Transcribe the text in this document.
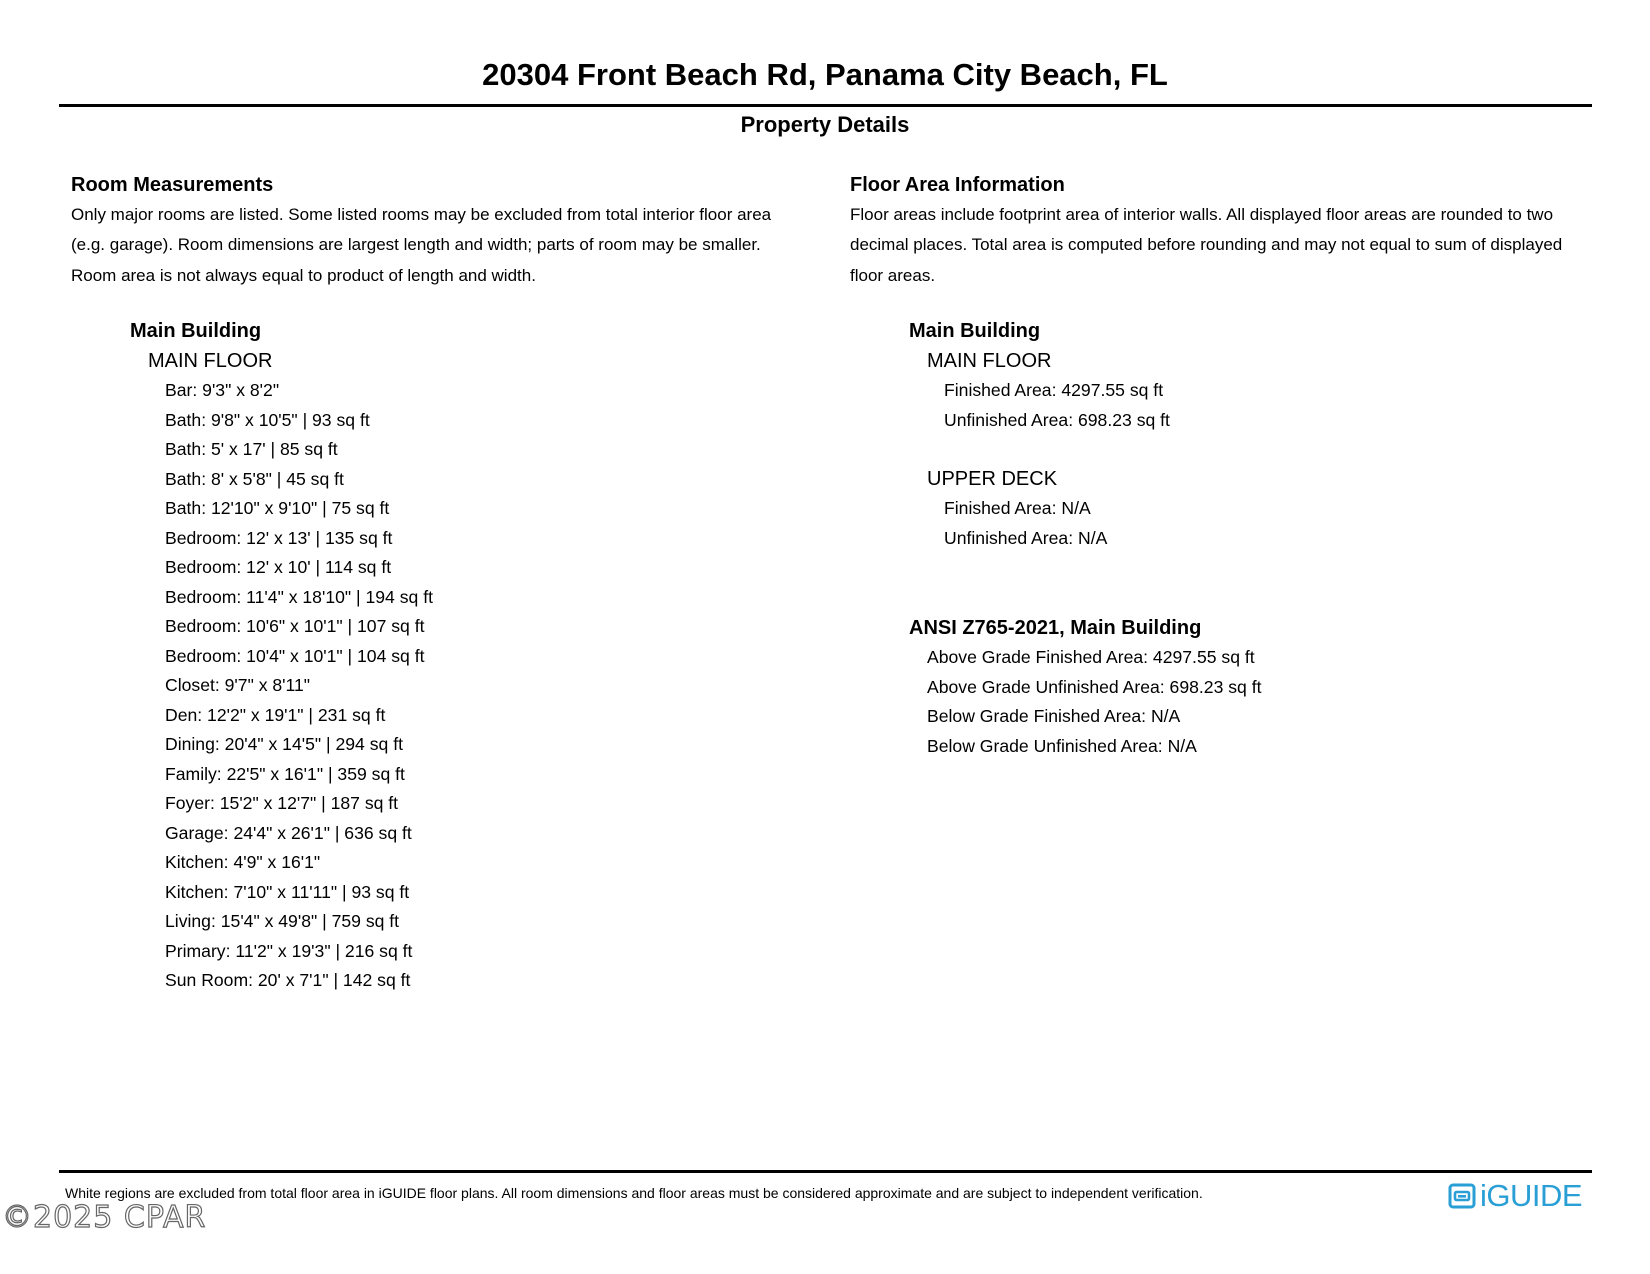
20304 Front Beach Rd, Panama City Beach, FL
Property Details

Room Measurements

Only major rooms are listed. Some listed rooms may be excluded from total interior floor area
(e.g. garage). Room dimensions are largest length and width; parts of room may be smaller.
Room area is not always equal to product of length and width.

Main Building
MAIN FLOOR
Bar: 9'3" x 8'2"
Bath: 9'8" x 10'5" | 93 sq ft
Bath: 5' x 17' | 85 sq ft
Bath: 8' x 5'8" | 45 sq ft
Bath: 12'10" x 9'10" | 75 sq ft
Bedroom: 12' x 13' | 135 sq ft
Bedroom: 12' x 10' | 114 sq ft
Bedroom: 11'4" x 18'10" | 194 sq ft
Bedroom: 10'6" x 10'1" | 107 sq ft
Bedroom: 10'4" x 10'1" | 104 sq ft
Closet: 9'7" x 8'11"
Den: 12'2" x 19'1" | 231 sq ft
Dining: 20'4" x 14'5" | 294 sq ft
Family: 22'5" x 16'1" | 359 sq ft
Foyer: 15'2" x 12'7" | 187 sq ft
Garage: 24'4" x 26'1" | 636 sq ft
Kitchen: 4'9" x 16'1"
Kitchen: 7'10" x 11'11" | 93 sq ft
Living: 15'4" x 49'8" | 759 sq ft
Primary: 11'2" x 19'3" | 216 sq ft
Sun Room: 20' x 7'1" | 142 sq ft

Floor Area Information

Floor areas include footprint area of interior walls. All displayed floor areas are rounded to two
decimal places. Total area is computed before rounding and may not equal to sum of displayed
floor areas.

Main Building
MAIN FLOOR
Finished Area: 4297.55 sq ft
Unfinished Area: 698.23 sq ft
UPPER DECK
Finished Area: N/A
Unfinished Area: N/A
ANSI Z765-2021, Main Building
Above Grade Finished Area: 4297.55 sq ft
Above Grade Unfinished Area: 698.23 sq ft
Below Grade Finished Area: N/A
Below Grade Unfinished Area: N/A
White regions are excluded from total floor area in iGUIDE floor plans. All room dimensions and floor areas must be considered approximate and are subject to independent verification.
©2025 CPAR
iGUIDE
